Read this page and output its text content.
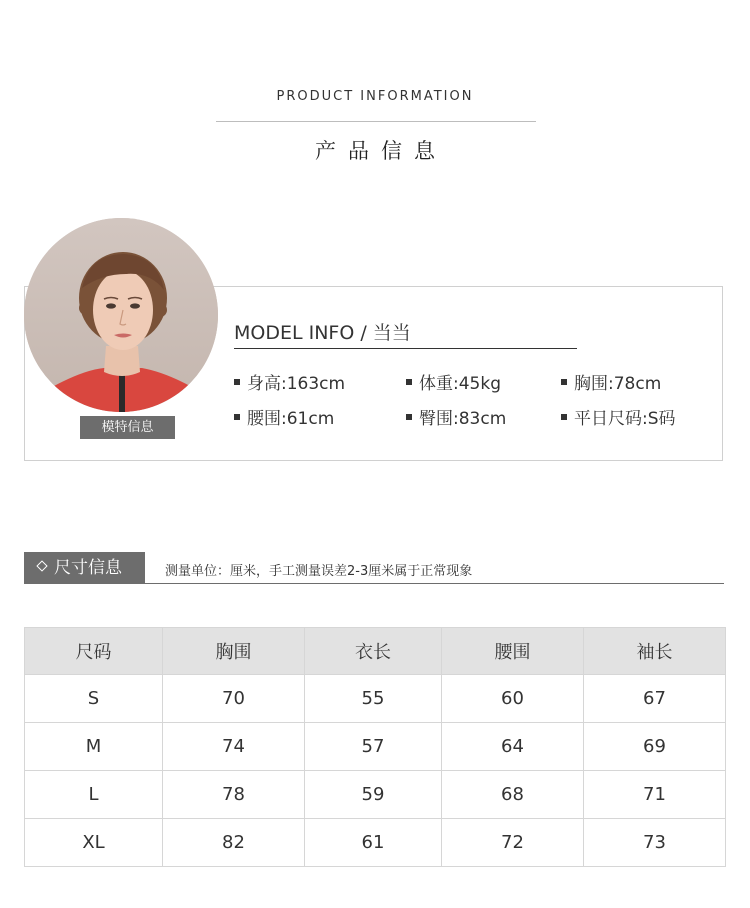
PRODUCT INFORMATION
产品信息
模特信息
MODEL INFO / 当当
身高:163cm	体重:45kg	胸围:78cm
腰围:61cm	臀围:83cm	平日尺码:S码
尺寸信息	测量单位：厘米，手工测量误差2-3厘米属于正常现象
尺码	胸围	衣长	腰围	袖长
S	70	55	60	67
M	74	57	64	69
L	78	59	68	71
XL	82	61	72	73
